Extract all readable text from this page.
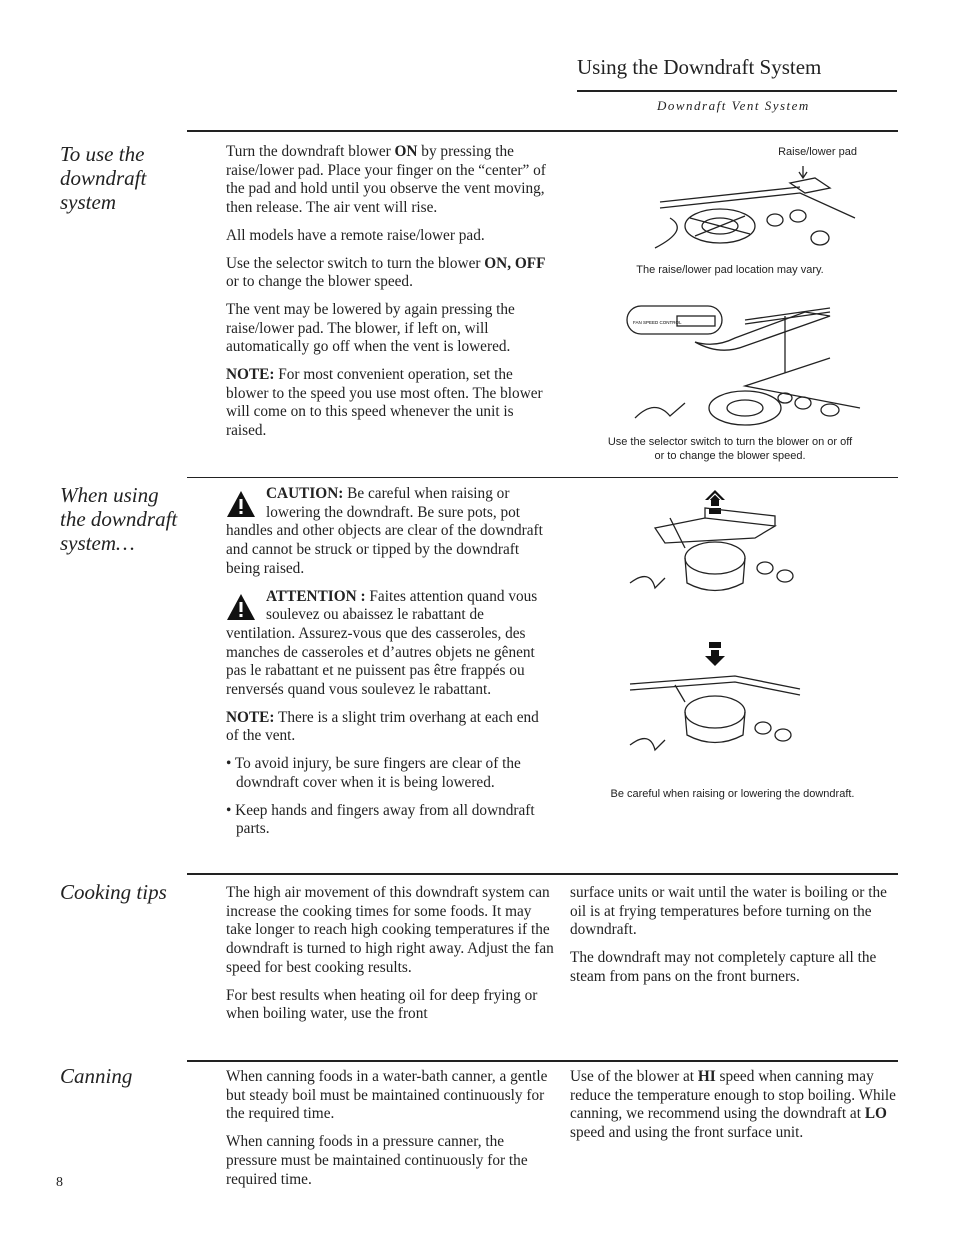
Using the Downdraft System
Downdraft Vent System
To use the
downdraft
system

Turn the downdraft blower ON by pressing the raise/lower pad. Place your finger on the “center” of the pad and hold until you observe the vent moving, then release. The air vent will rise.

All models have a remote raise/lower pad.

Use the selector switch to turn the blower ON, OFF or to change the blower speed.

The vent may be lowered by again pressing the raise/lower pad. The blower, if left on, will automatically go off when the vent is lowered.

NOTE: For most convenient operation, set the blower to the speed you use most often. The blower will come on to this speed whenever the unit is raised.

Raise/lower pad
The raise/lower pad location may vary.
FAN SPEED CONTROL
Use the selector switch to turn the blower on or off
or to change the blower speed.
When using
the downdraft
system…

CAUTION: Be careful when raising or lowering the downdraft. Be sure pots, pot handles and other objects are clear of the downdraft and cannot be struck or tipped by the downdraft being raised.

ATTENTION : Faites attention quand vous soulevez ou abaissez le rabattant de ventilation. Assurez-vous que des casseroles, des manches de casseroles et d’autres objets ne gênent pas le rabattant et ne puissent pas être frappés ou renversés quand vous soulevez le rabattant.

NOTE: There is a slight trim overhang at each end of the vent.

• To avoid injury, be sure fingers are clear of the downdraft cover when it is being lowered.

• Keep hands and fingers away from all downdraft parts.

Be careful when raising or lowering the downdraft.
Cooking tips	The high air movement of this downdraft system can increase the cooking times for some foods. It may take longer to reach high cooking temperatures if the downdraft is turned to high right away. Adjust the fan speed for best cooking results.

For best results when heating oil for deep frying or when boiling water, use the front

surface units or wait until the water is boiling or the oil is at frying temperatures before turning on the downdraft.

The downdraft may not completely capture all the steam from pans on the front burners.

Canning	When canning foods in a water-bath canner, a gentle but steady boil must be maintained continuously for the required time.

When canning foods in a pressure canner, the pressure must be maintained continuously for the required time.

Use of the blower at HI speed when canning may reduce the temperature enough to stop boiling. While canning, we recommend using the downdraft at LO speed and using the front surface unit.

8
